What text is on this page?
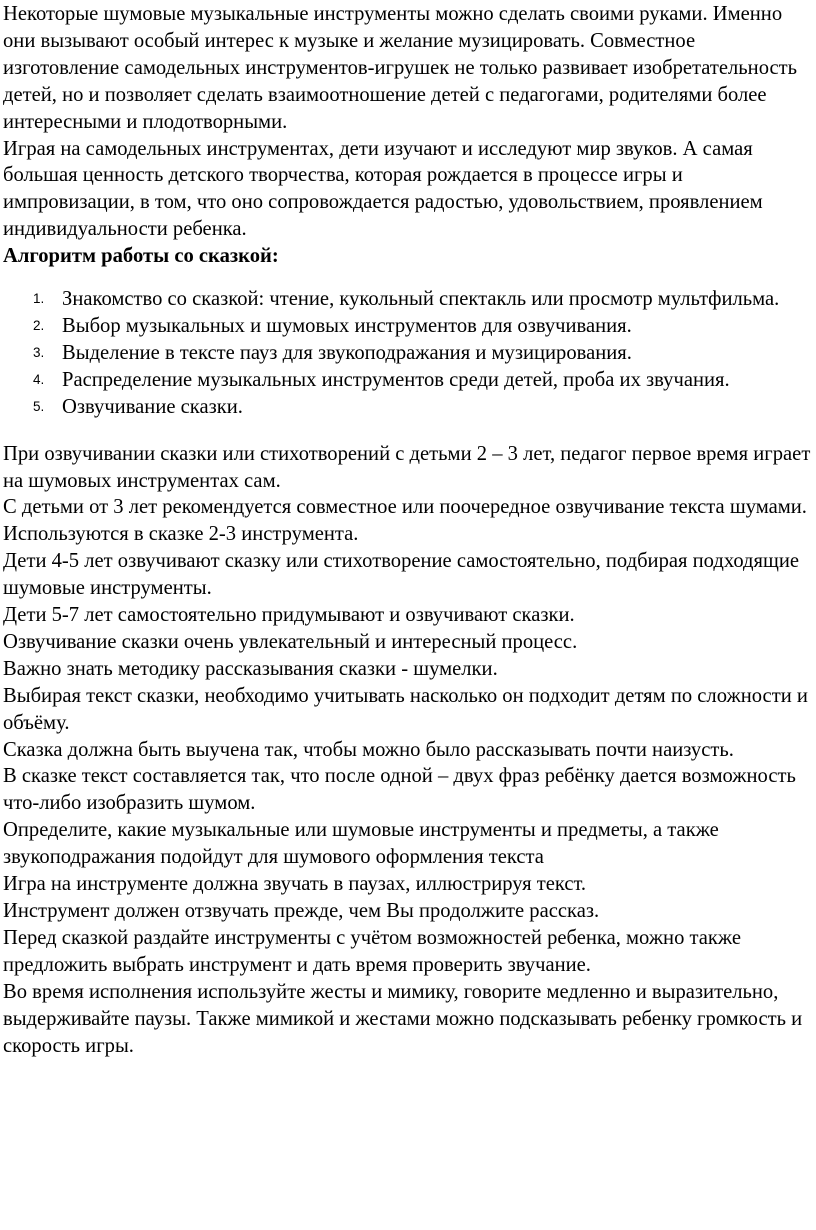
Некоторые шумовые музыкальные инструменты можно сделать своими руками. Именно они вызывают особый интерес к музыке и желание музицировать. Совместное изготовление самодельных инструментов-игрушек не только развивает изобретательность детей, но и позволяет сделать взаимоотношение детей с педагогами, родителями более интересными и плодотворными.

Играя на самодельных инструментах, дети изучают и исследуют мир звуков. А самая большая ценность детского творчества, которая рождается в процессе игры и импровизации, в том, что оно сопровождается радостью, удовольствием, проявлением индивидуальности ребенка.

Алгоритм работы со сказкой:

1. Знакомство со сказкой: чтение, кукольный спектакль или просмотр мультфильма.
2. Выбор музыкальных и шумовых инструментов для озвучивания.
3. Выделение в тексте пауз для звукоподражания и музицирования.
4. Распределение музыкальных инструментов среди детей, проба их звучания.
5. Озвучивание сказки.

При озвучивании сказки или стихотворений с детьми 2 – 3 лет, педагог первое время играет на шумовых инструментах сам.

С детьми от 3 лет рекомендуется совместное или поочередное озвучивание текста шумами. Используются в сказке 2-3 инструмента.

Дети 4-5 лет озвучивают сказку или стихотворение самостоятельно, подбирая подходящие шумовые инструменты.

Дети 5-7 лет самостоятельно придумывают и озвучивают сказки.

Озвучивание сказки очень увлекательный и интересный процесс.

Важно знать методику рассказывания сказки - шумелки.

Выбирая текст сказки, необходимо учитывать насколько он подходит детям по сложности и объёму.

Сказка должна быть выучена так, чтобы можно было рассказывать почти наизусть.

В сказке текст составляется так, что после одной – двух фраз ребёнку дается возможность что-либо изобразить шумом.

Определите, какие музыкальные или шумовые инструменты и предметы, а также звукоподражания подойдут для шумового оформления текста

Игра на инструменте должна звучать в паузах, иллюстрируя текст.

Инструмент должен отзвучать прежде, чем Вы продолжите рассказ.

Перед сказкой раздайте инструменты с учётом возможностей ребенка, можно также предложить выбрать инструмент и дать время проверить звучание.

Во время исполнения используйте жесты и мимику, говорите медленно и выразительно, выдерживайте паузы. Также мимикой и жестами можно подсказывать ребенку громкость и скорость игры.
